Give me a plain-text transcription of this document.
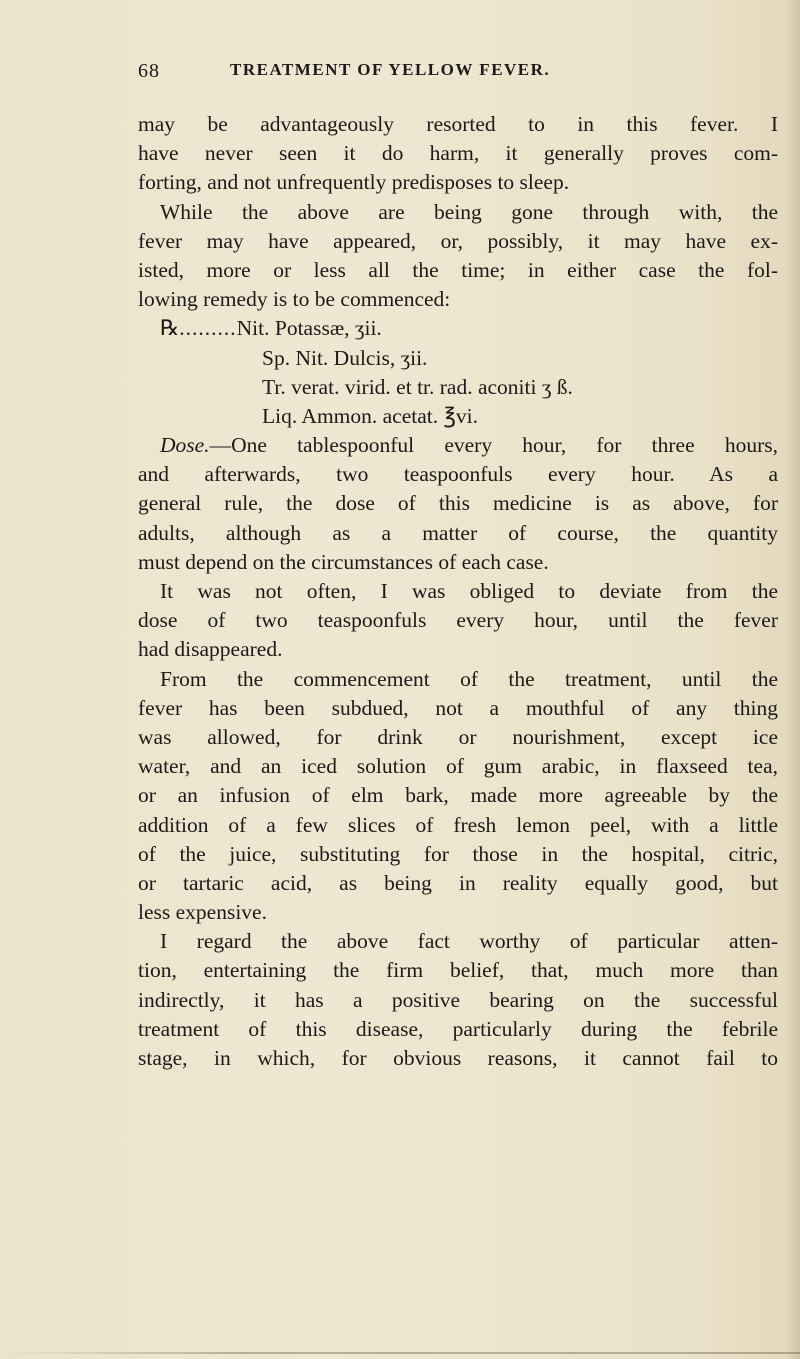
68	TREATMENT OF YELLOW FEVER.
may be advantageously resorted to in this fever. I
have never seen it do harm, it generally proves com-
forting, and not unfrequently predisposes to sleep.
While the above are being gone through with, the
fever may have appeared, or, possibly, it may have ex-
isted, more or less all the time; in either case the fol-
lowing remedy is to be commenced:
℞.........Nit. Potassæ, ʒii.
Sp. Nit. Dulcis, ʒii.
Tr. verat. virid. et tr. rad. aconiti ʒ ß.
Liq. Ammon. acetat. ℥vi.
Dose.—One tablespoonful every hour, for three hours,
and afterwards, two teaspoonfuls every hour. As a
general rule, the dose of this medicine is as above, for
adults, although as a matter of course, the quantity
must depend on the circumstances of each case.
It was not often, I was obliged to deviate from the
dose of two teaspoonfuls every hour, until the fever
had disappeared.
From the commencement of the treatment, until the
fever has been subdued, not a mouthful of any thing
was allowed, for drink or nourishment, except ice
water, and an iced solution of gum arabic, in flaxseed tea,
or an infusion of elm bark, made more agreeable by the
addition of a few slices of fresh lemon peel, with a little
of the juice, substituting for those in the hospital, citric,
or tartaric acid, as being in reality equally good, but
less expensive.
I regard the above fact worthy of particular atten-
tion, entertaining the firm belief, that, much more than
indirectly, it has a positive bearing on the successful
treatment of this disease, particularly during the febrile
stage, in which, for obvious reasons, it cannot fail to
